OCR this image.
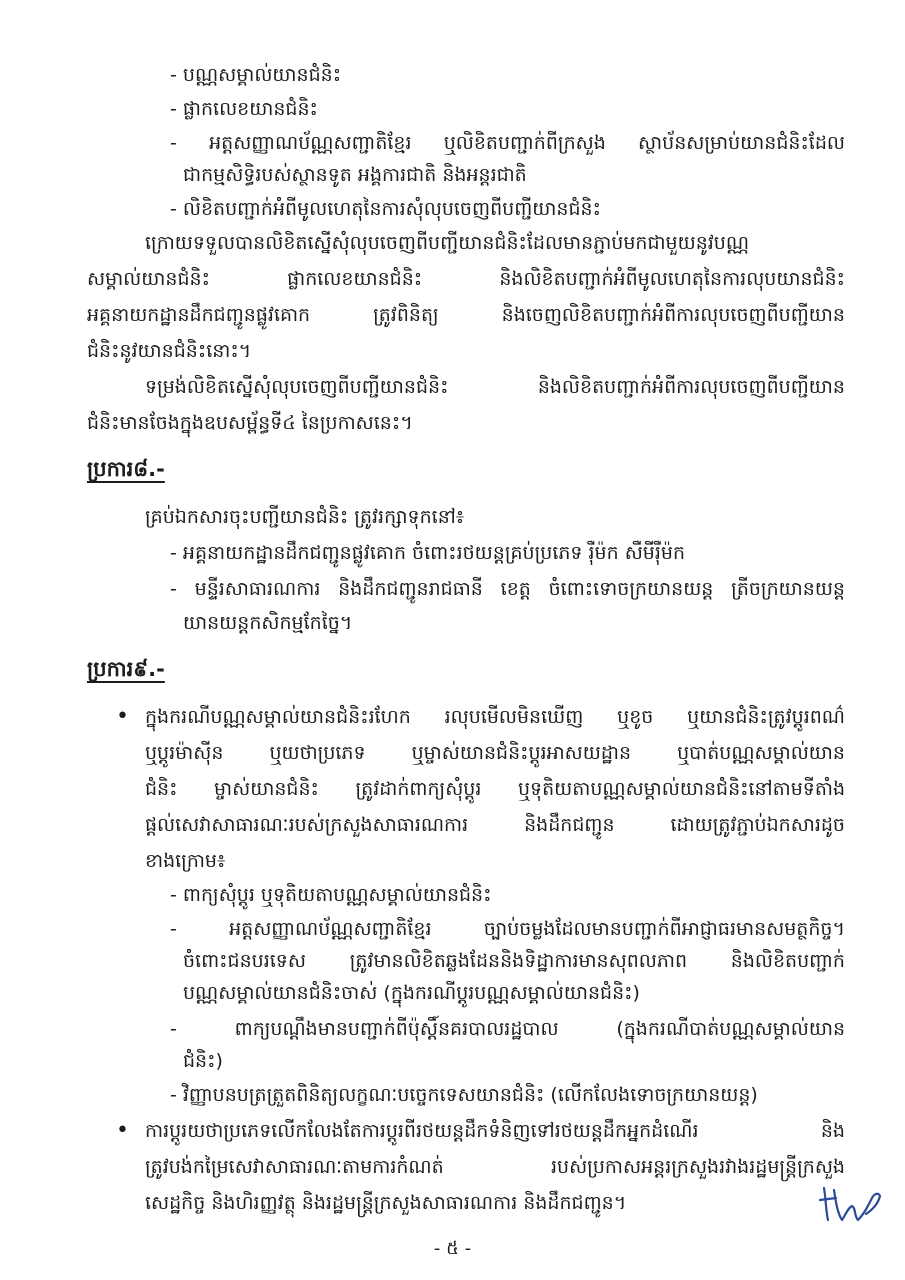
- បណ្ណសម្គាល់យានជំនិះ
- ផ្លាកលេខយានជំនិះ
- អត្តសញ្ញាណប័ណ្ណសញ្ជាតិខ្មែរ ឬលិខិតបញ្ជាក់ពីក្រសួង ស្ថាប័នសម្រាប់យានជំនិះដែល
ជាកម្មសិទ្ធិរបស់ស្ថានទូត អង្គការជាតិ និងអន្តរជាតិ
- លិខិតបញ្ជាក់អំពីមូលហេតុនៃការសុំលុបចេញពីបញ្ជីយានជំនិះ
ក្រោយទទួលបានលិខិតស្នើសុំលុបចេញពីបញ្ជីយានជំនិះដែលមានភ្ជាប់មកជាមួយនូវបណ្ណ
សម្គាល់យានជំនិះ ផ្លាកលេខយានជំនិះ និងលិខិតបញ្ជាក់អំពីមូលហេតុនៃការលុបយានជំនិះ
អគ្គនាយកដ្ឋានដឹកជញ្ជូនផ្លូវគោក ត្រូវពិនិត្យ និងចេញលិខិតបញ្ជាក់អំពីការលុបចេញពីបញ្ជីយាន
ជំនិះនូវយានជំនិះនោះ។
ទម្រង់លិខិតស្នើសុំលុបចេញពីបញ្ជីយានជំនិះ និងលិខិតបញ្ជាក់អំពីការលុបចេញពីបញ្ជីយាន
ជំនិះមានចែងក្នុងឧបសម្ព័ន្ធទី៤ នៃប្រកាសនេះ។
ប្រការ៨.-
គ្រប់ឯកសារចុះបញ្ជីយានជំនិះ ត្រូវរក្សាទុកនៅ៖
- អគ្គនាយកដ្ឋានដឹកជញ្ជូនផ្លូវគោក ចំពោះរថយន្តគ្រប់ប្រភេទ រ៉ឺម៉ក សឺមីរ៉ឺម៉ក
- មន្ទីរសាធារណការ និងដឹកជញ្ជូនរាជធានី ខេត្ត ចំពោះទោចក្រយានយន្ត ត្រីចក្រយានយន្ត
យានយន្តកសិកម្មកែច្នៃ។
ប្រការ៩.-
• ក្នុងករណីបណ្ណសម្គាល់យានជំនិះរហែក រលុបមើលមិនឃើញ ឬខូច ឬយានជំនិះត្រូវប្តូរពណ៌
ឬប្តូរម៉ាស៊ីន ឬយថាប្រភេទ ឬម្ចាស់យានជំនិះប្តូរអាសយដ្ឋាន ឬបាត់បណ្ណសម្គាល់យាន
ជំនិះ ម្ចាស់យានជំនិះ ត្រូវដាក់ពាក្យសុំប្តូរ ឬទុតិយតាបណ្ណសម្គាល់យានជំនិះនៅតាមទីតាំង
ផ្តល់សេវាសាធារណៈរបស់ក្រសួងសាធារណការ និងដឹកជញ្ជូន ដោយត្រូវភ្ជាប់ឯកសារដូច
ខាងក្រោម៖
- ពាក្យសុំប្តូរ ឬទុតិយតាបណ្ណសម្គាល់យានជំនិះ
- អត្តសញ្ញាណប័ណ្ណសញ្ជាតិខ្មែរ ច្បាប់ចម្លងដែលមានបញ្ជាក់ពីអាជ្ញាធរមានសមត្ថកិច្ច។
ចំពោះជនបរទេស ត្រូវមានលិខិតឆ្លងដែននិងទិដ្ឋាការមានសុពលភាព និងលិខិតបញ្ជាក់
បណ្ណសម្គាល់យានជំនិះចាស់ (ក្នុងករណីប្តូរបណ្ណសម្គាល់យានជំនិះ)
- ពាក្យបណ្តឹងមានបញ្ជាក់ពីប៉ុស្តិ៍នគរបាលរដ្ឋបាល (ក្នុងករណីបាត់បណ្ណសម្គាល់យាន
ជំនិះ)
- វិញ្ញាបនបត្រត្រួតពិនិត្យលក្ខណៈបច្ចេកទេសយានជំនិះ (លើកលែងទោចក្រយានយន្ត)
• ការប្តូរយថាប្រភេទលើកលែងតែការប្តូរពីរថយន្តដឹកទំនិញទៅរថយន្តដឹកអ្នកដំណើរ និង
ត្រូវបង់កម្រៃសេវាសាធារណៈតាមការកំណត់ របស់ប្រកាសអន្តរក្រសួងរវាងរដ្ឋមន្ត្រីក្រសួង
សេដ្ឋកិច្ច និងហិរញ្ញវត្ថុ និងរដ្ឋមន្ត្រីក្រសួងសាធារណការ និងដឹកជញ្ជូន។
- ៥ -
